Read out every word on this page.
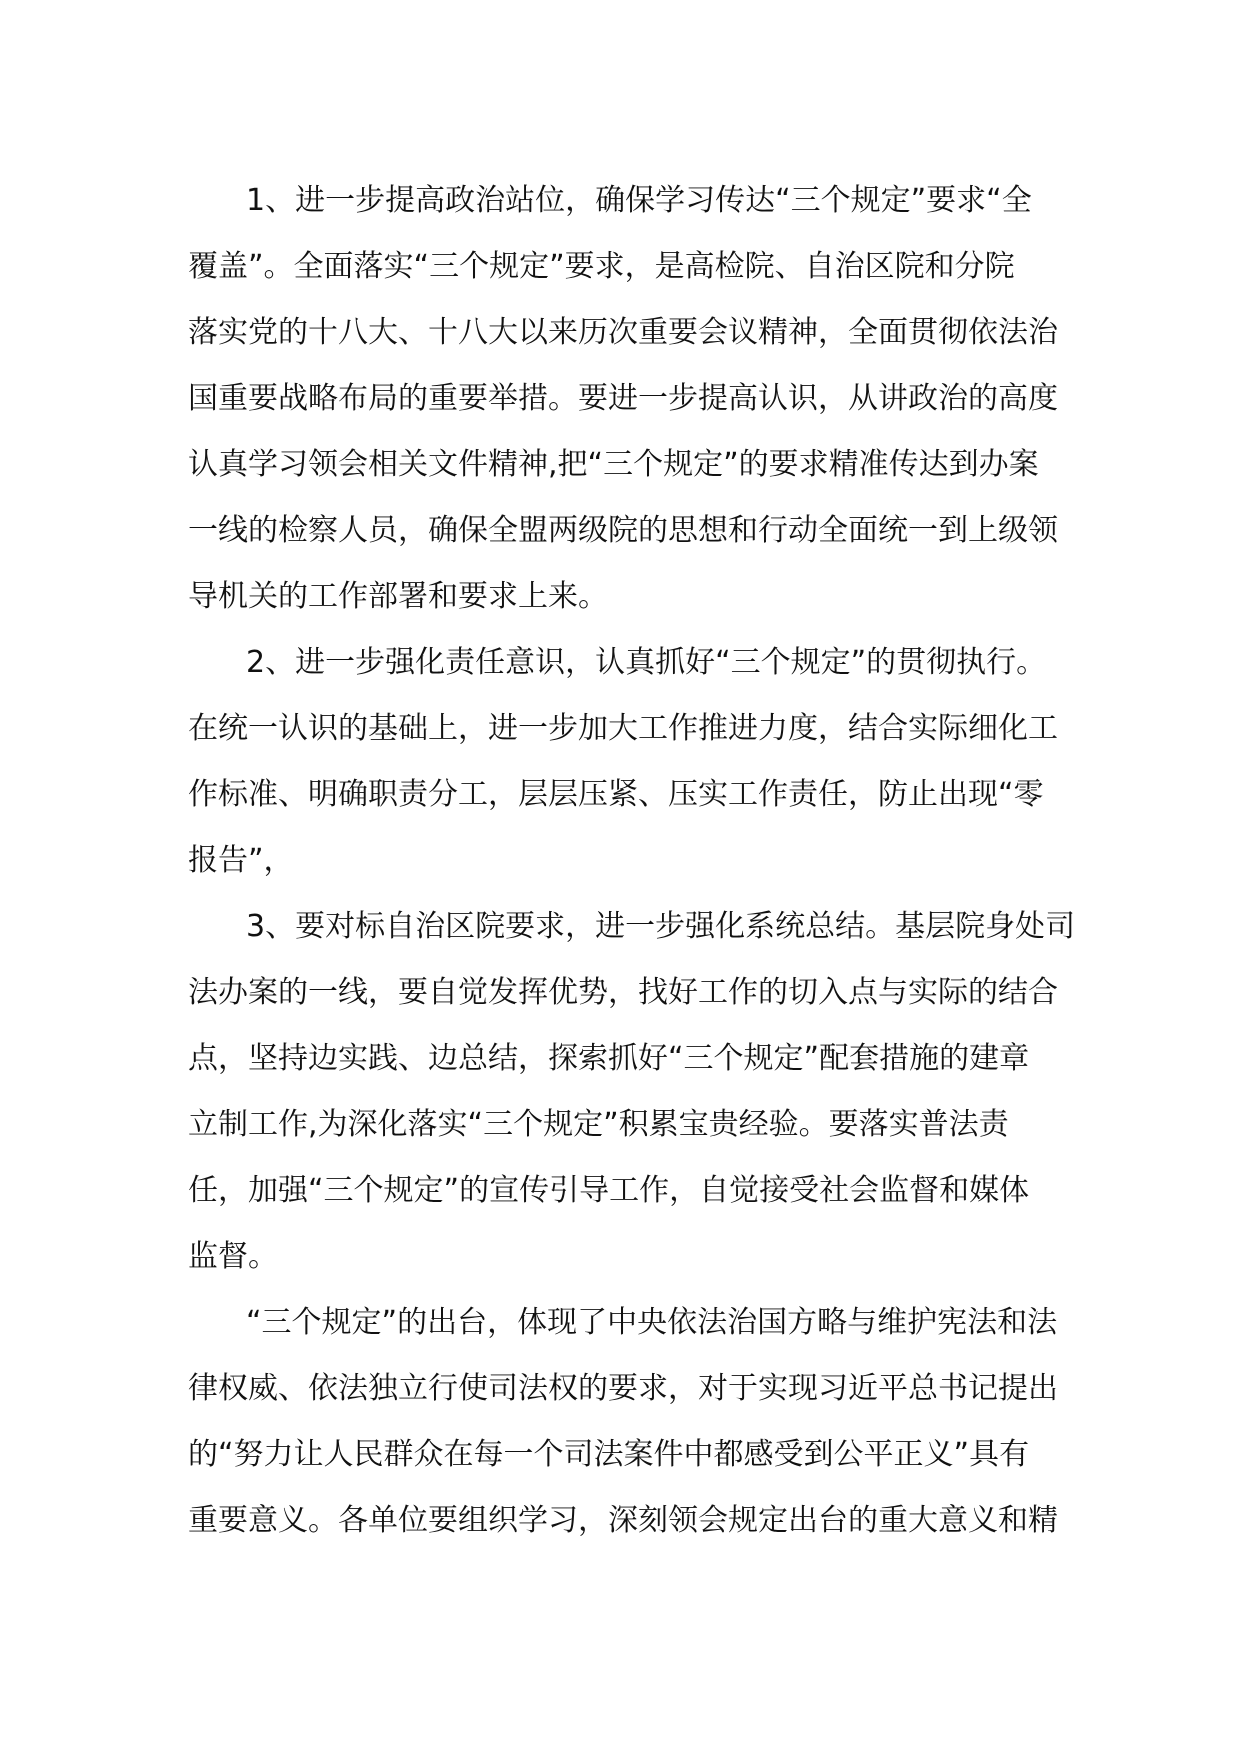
1、进一步提高政治站位，确保学习传达“三个规定”要求“全
覆盖”。全面落实“三个规定”要求，是高检院、自治区院和分院
落实党的十八大、十八大以来历次重要会议精神，全面贯彻依法治
国重要战略布局的重要举措。要进一步提高认识，从讲政治的高度
认真学习领会相关文件精神,把“三个规定”的要求精准传达到办案
一线的检察人员，确保全盟两级院的思想和行动全面统一到上级领
导机关的工作部署和要求上来。
2、进一步强化责任意识，认真抓好“三个规定”的贯彻执行。
在统一认识的基础上，进一步加大工作推进力度，结合实际细化工
作标准、明确职责分工，层层压紧、压实工作责任，防止出现“零
报告”，
3、要对标自治区院要求，进一步强化系统总结。基层院身处司
法办案的一线，要自觉发挥优势，找好工作的切入点与实际的结合
点，坚持边实践、边总结，探索抓好“三个规定”配套措施的建章
立制工作,为深化落实“三个规定”积累宝贵经验。要落实普法责
任，加强“三个规定”的宣传引导工作，自觉接受社会监督和媒体
监督。
“三个规定”的出台，体现了中央依法治国方略与维护宪法和法
律权威、依法独立行使司法权的要求，对于实现习近平总书记提出
的“努力让人民群众在每一个司法案件中都感受到公平正义”具有
重要意义。各单位要组织学习，深刻领会规定出台的重大意义和精
